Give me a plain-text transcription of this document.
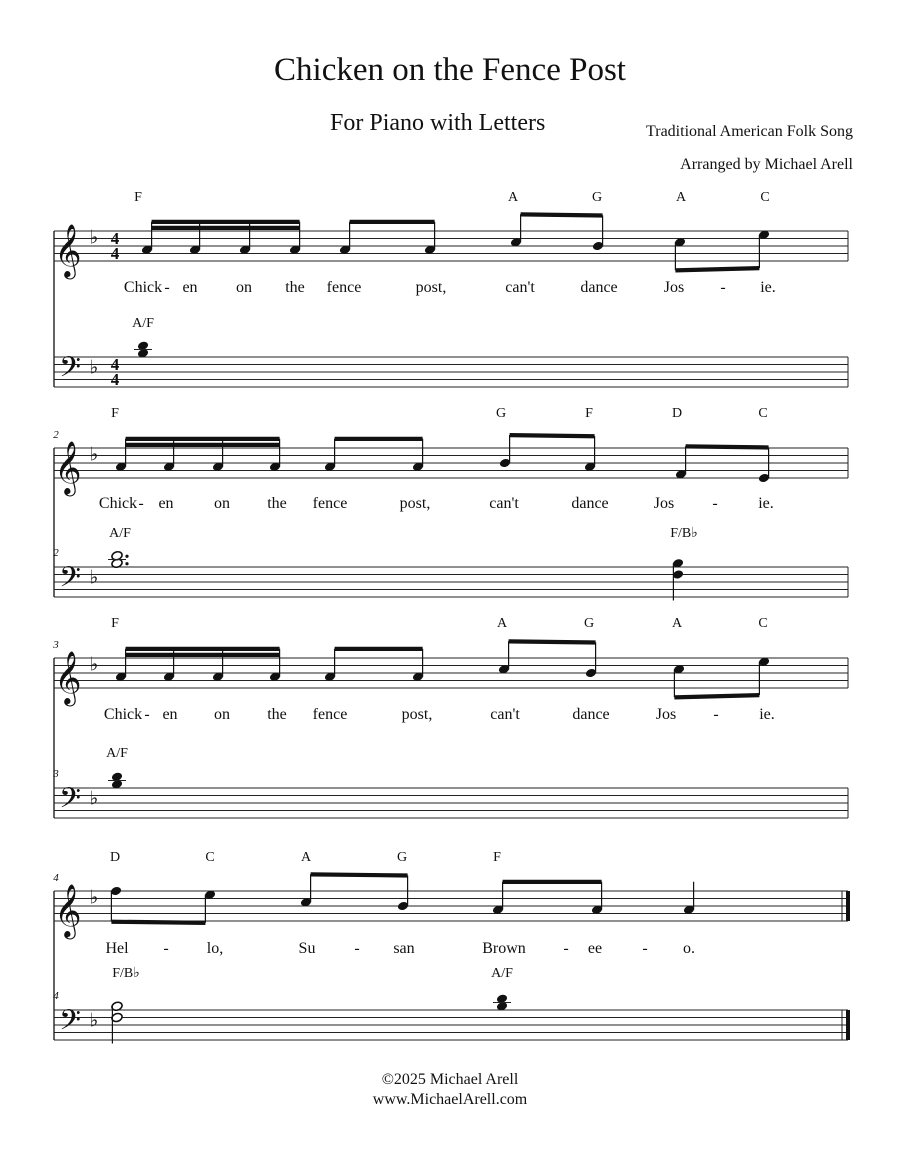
Chicken on the Fence Post
For Piano with Letters	Traditional American Folk Song
Arranged by Michael Arell
𝄞
𝄢
♭
♭
4
4
4
4
F	A	G	A	C
Chick - en on the fence	post,	can't	dance	Jos - ie.
A/F
𝄞
𝄢
♭
♭
2
2
F	G	F	D	C
Chick - en	on the fence	post,	can't	dance	Jos -	ie.
A/F	F/B♭
𝄞
𝄢
♭
♭
3
3
F	A	G	A	C
Chick - en on the fence	post,	can't	dance	Jos -	ie.
A/F
𝄞
𝄢
♭
♭
4
4
D	C	A	G	F
Hel - lo,	Su - san	Brown - ee	- o.
F/B♭	A/F
©2025 Michael Arell
www.MichaelArell.com
